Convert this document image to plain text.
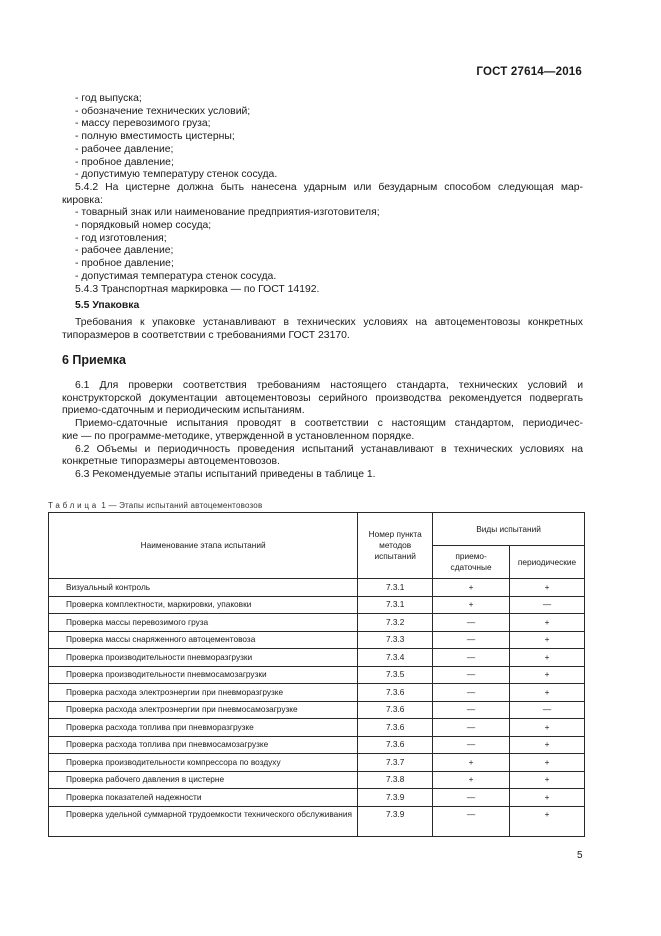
ГОСТ 27614—2016
- год выпуска;
- обозначение технических условий;
- массу перевозимого груза;
- полную вместимость цистерны;
- рабочее давление;
- пробное давление;
- допустимую температуру стенок сосуда.
5.4.2 На цистерне должна быть нанесена ударным или безударным способом следующая мар-
кировка:
- товарный знак или наименование предприятия-изготовителя;
- порядковый номер сосуда;
- год изготовления;
- рабочее давление;
- пробное давление;
- допустимая температура стенок сосуда.
5.4.3 Транспортная маркировка — по ГОСТ 14192.
5.5 Упаковка
Требования к упаковке устанавливают в технических условиях на автоцементовозы конкретных
типоразмеров в соответствии с требованиями ГОСТ 23170.
6 Приемка
6.1 Для проверки соответствия требованиям настоящего стандарта, технических условий и
конструкторской документации автоцементовозы серийного производства рекомендуется подвергать
приемо-сдаточным и периодическим испытаниям.
Приемо-сдаточные испытания проводят в соответствии с настоящим стандартом, периодичес-
кие — по программе-методике, утвержденной в установленном порядке.
6.2 Объемы и периодичность проведения испытаний устанавливают в технических условиях на
конкретные типоразмеры автоцементовозов.
6.3 Рекомендуемые этапы испытаний приведены в таблице 1.
Таблица 1 — Этапы испытаний автоцементовозов
Наименование этапа испытаний	Номер пункта методов испытаний	Виды испытаний	
		приемо-сдаточные	периодические
Визуальный контроль	7.3.1	+	+
Проверка комплектности, маркировки, упаковки	7.3.1	+	—
Проверка массы перевозимого груза	7.3.2	—	+
Проверка массы снаряженного автоцементовоза	7.3.3	—	+
Проверка производительности пневморазгрузки	7.3.4	—	+
Проверка производительности пневмосамозагрузки	7.3.5	—	+
Проверка расхода электроэнергии при пневморазгрузке	7.3.6	—	+
Проверка расхода электроэнергии при пневмосамозагрузке	7.3.6	—	—
Проверка расхода топлива при пневморазгрузке	7.3.6	—	+
Проверка расхода топлива при пневмосамозагрузке	7.3.6	—	+
Проверка производительности компрессора по воздуху	7.3.7	+	+
Проверка рабочего давления в цистерне	7.3.8	+	+
Проверка показателей надежности	7.3.9	—	+
Проверка удельной суммарной трудоемкости технического обслуживания	7.3.9	—	+
5
